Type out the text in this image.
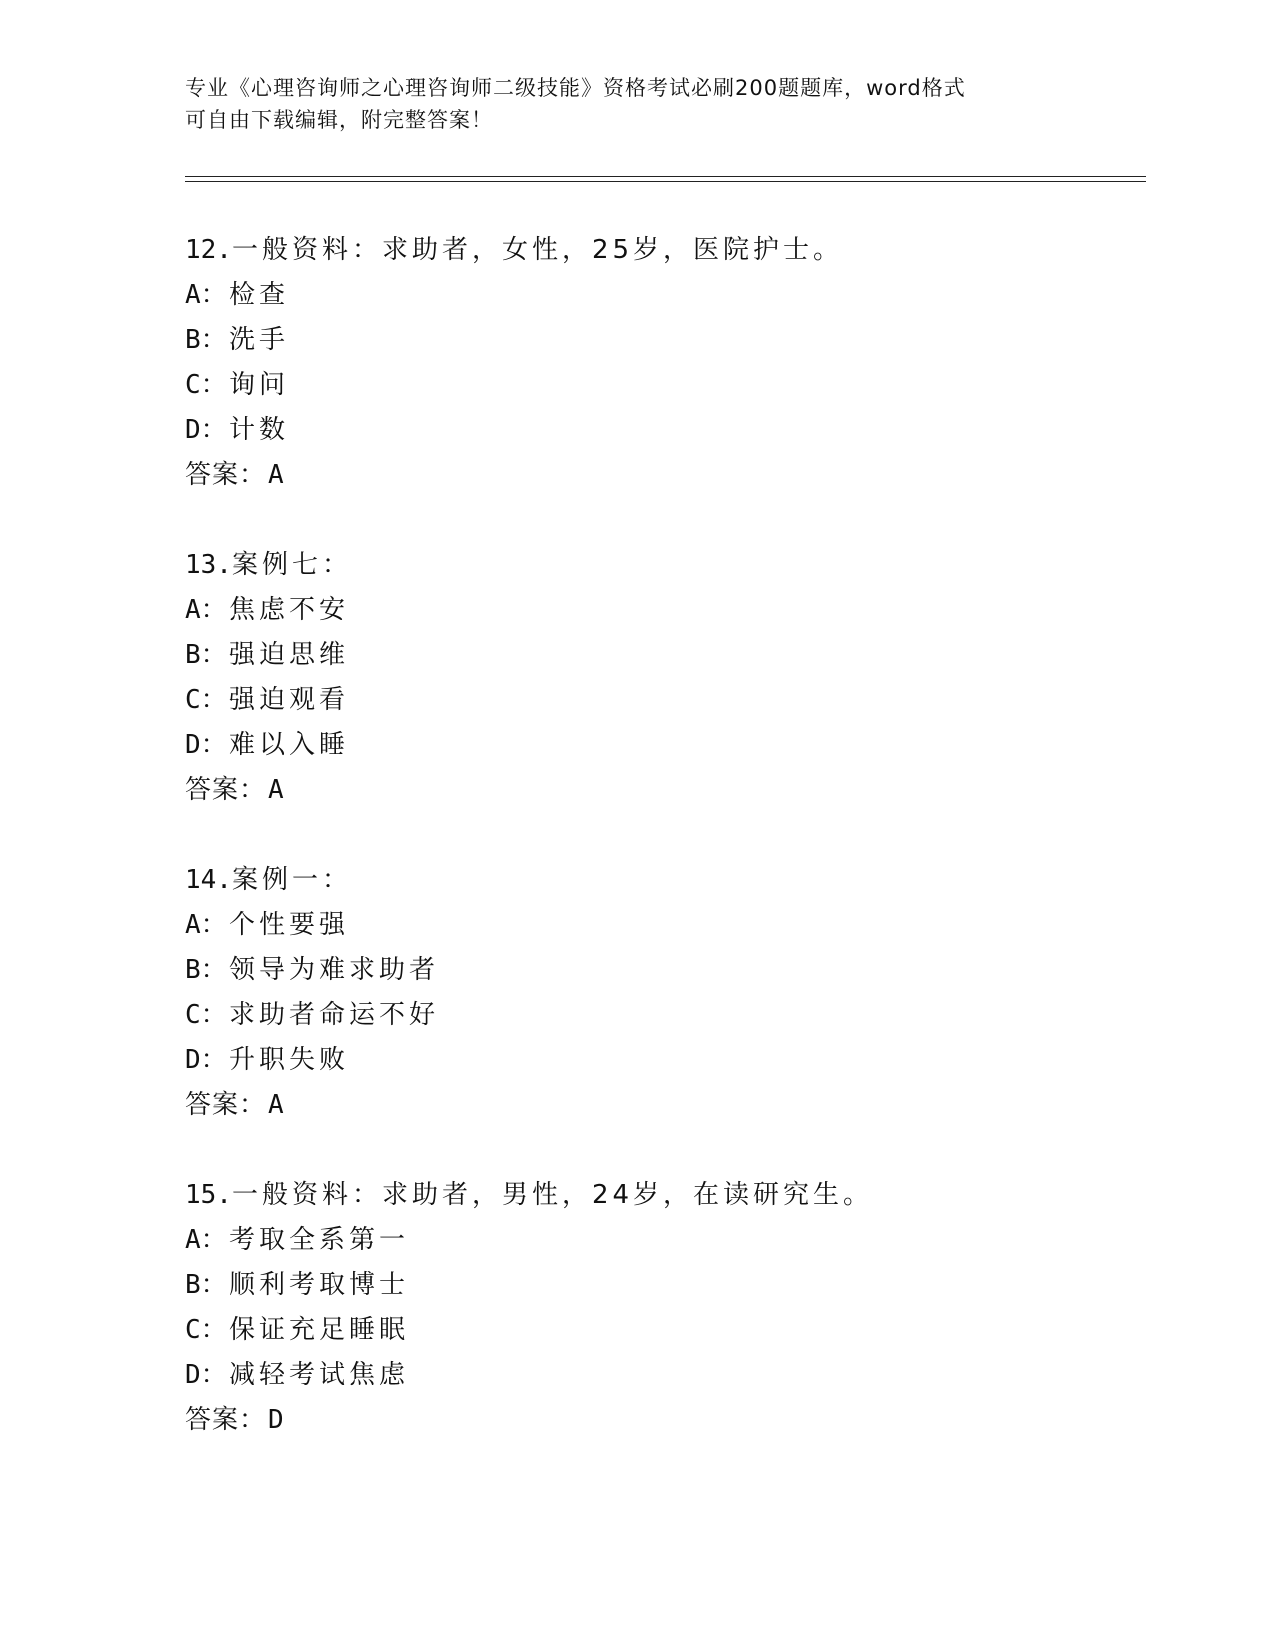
专业《心理咨询师之心理咨询师二级技能》资格考试必刷200题题库，word格式
可自由下载编辑，附完整答案！
12.一般资料：求助者，女性，25岁，医院护士。
A：检查
B：洗手
C：询问
D：计数
答案：A
13.案例七：
A：焦虑不安
B：强迫思维
C：强迫观看
D：难以入睡
答案：A
14.案例一：
A：个性要强
B：领导为难求助者
C：求助者命运不好
D：升职失败
答案：A
15.一般资料：求助者，男性，24岁，在读研究生。
A：考取全系第一
B：顺利考取博士
C：保证充足睡眠
D：减轻考试焦虑
答案：D
